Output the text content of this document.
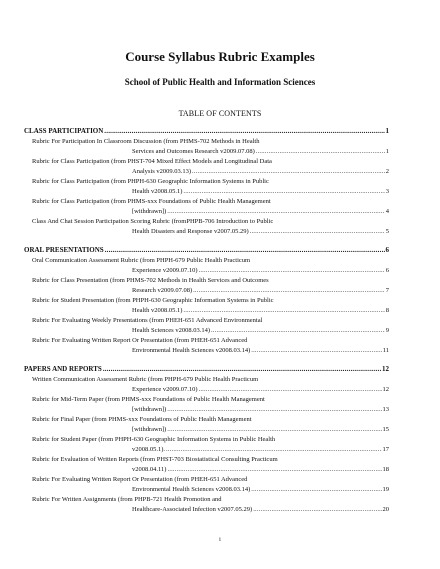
Course Syllabus Rubric Examples
School of Public Health and Information Sciences
TABLE OF CONTENTS
CLASS PARTICIPATION .....	1
Rubric For Participation In Classroom Discussion (from PHMS-702 Methods in Health
Services and Outcomes Research v2009.07.08) .....	1
Rubric for Class Participation (from PHST-704 Mixed Effect Models and Longitudinal Data
Analysis v2009.03.13) .....	2
Rubric for Class Participation (from PHPH-630 Geographic Information Systems in Public
Health v2008.05.1) .....	3
Rubric for Class Participation (from PHMS-xxx Foundations of Public Health Management
[withdrawn]) .....	4
Class And Chat Session Participation Scoring Rubric (fromPHPB-706 Introduction to Public
Health Disasters and Response v2007.05.29) .....	5
ORAL PRESENTATIONS .....	6
Oral Communication Assessment Rubric (from PHPH-679 Public Health Practicum
Experience v2009.07.10) .....	6
Rubric for Class Presentation (from PHMS-702 Methods in Health Services and Outcomes
Research v2009.07.08) .....	7
Rubric for Student Presentation (from PHPH-630 Geographic Information Systems in Public
Health v2008.05.1) .....	8
Rubric For Evaluating Weekly Presentations (from PHEH-651 Advanced Environmental
Health Sciences v2008.03.14) .....	9
Rubric For Evaluating Written Report Or Presentation (from PHEH-651 Advanced
Environmental Health Sciences v2008.03.14) .....	11
PAPERS AND REPORTS .....	12
Written Communication Assessment Rubric (from PHPH-679 Public Health Practicum
Experience v2009.07.10) .....	12
Rubric for Mid-Term Paper (from PHMS-xxx Foundations of Public Health Management
[withdrawn]) .....	13
Rubric for Final Paper (from PHMS-xxx Foundations of Public Health Management
[withdrawn]) .....	15
Rubric for Student Paper (from PHPH-630 Geographic Information Systems in Public Health
v2008.05.1). .....	17
Rubric for Evaluation of Written Reports (from PHST-703 Biostatistical Consulting Practicum
v2008.04.11) .....	18
Rubric For Evaluating Written Report Or Presentation (from PHEH-651 Advanced
Environmental Health Sciences v2008.03.14) .....	19
Rubric For Written Assignments (from PHPB-721 Health Promotion and
Healthcare-Associated Infection v2007.05.29) .....	20
i
